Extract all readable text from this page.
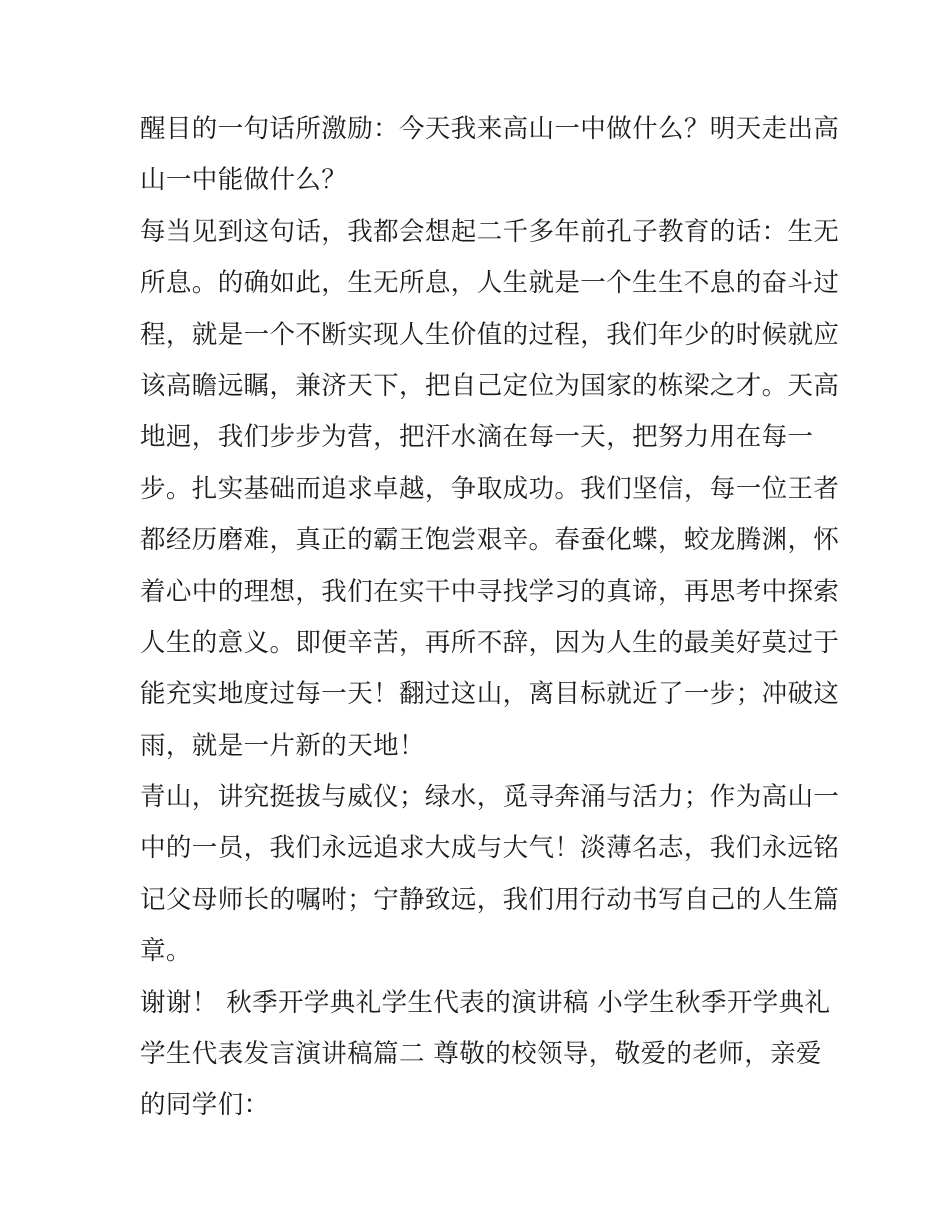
醒目的一句话所激励：今天我来高山一中做什么？明天走出高
山一中能做什么？
每当见到这句话，我都会想起二千多年前孔子教育的话：生无
所息。的确如此，生无所息，人生就是一个生生不息的奋斗过
程，就是一个不断实现人生价值的过程，我们年少的时候就应
该高瞻远瞩，兼济天下，把自己定位为国家的栋梁之才。天高
地迥，我们步步为营，把汗水滴在每一天，把努力用在每一
步。扎实基础而追求卓越，争取成功。我们坚信，每一位王者
都经历磨难，真正的霸王饱尝艰辛。春蚕化蝶，蛟龙腾渊，怀
着心中的理想，我们在实干中寻找学习的真谛，再思考中探索
人生的意义。即便辛苦，再所不辞，因为人生的最美好莫过于
能充实地度过每一天！翻过这山，离目标就近了一步；冲破这
雨，就是一片新的天地！
青山，讲究挺拔与威仪；绿水，觅寻奔涌与活力；作为高山一
中的一员，我们永远追求大成与大气！淡薄名志，我们永远铭
记父母师长的嘱咐；宁静致远，我们用行动书写自己的人生篇
章。
谢谢！ 秋季开学典礼学生代表的演讲稿 小学生秋季开学典礼
学生代表发言演讲稿篇二 尊敬的校领导，敬爱的老师，亲爱
的同学们：
